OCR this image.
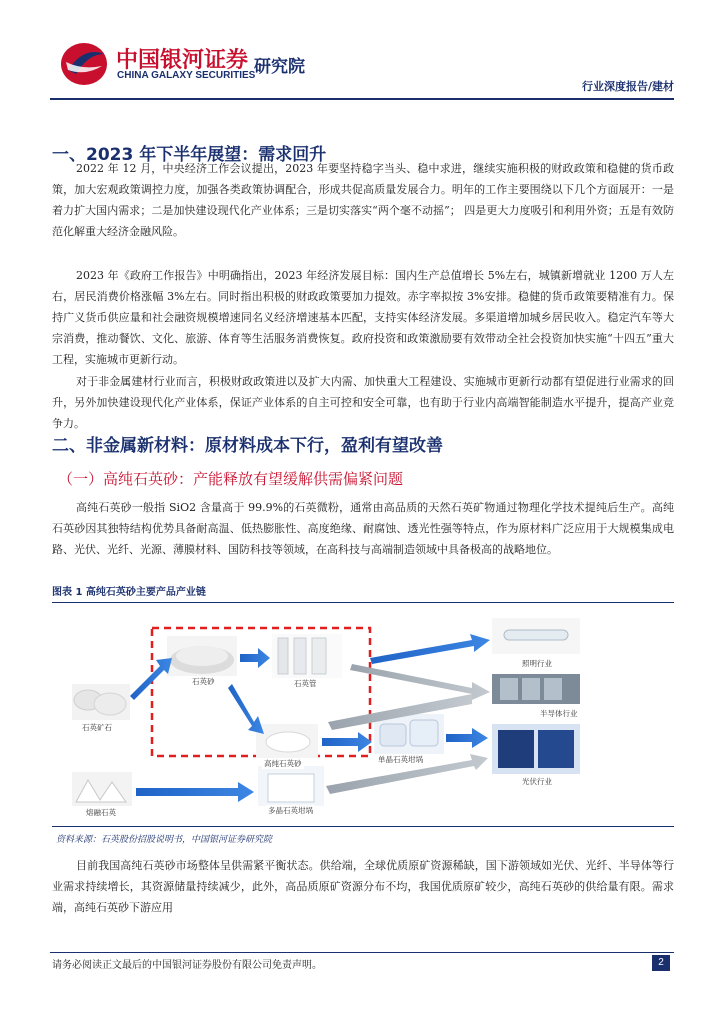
中国银河证券
CHINA GALAXY SECURITIES
研究院
行业深度报告/建材
一、2023 年下半年展望：需求回升
2022 年 12 月，中央经济工作会议提出，2023 年要坚持稳字当头、稳中求进，继续实施积极的财政政策和稳健的货币政策，加大宏观政策调控力度，加强各类政策协调配合，形成共促高质量发展合力。明年的工作主要围绕以下几个方面展开：一是着力扩大国内需求；二是加快建设现代化产业体系；三是切实落实“两个毫不动摇”； 四是更大力度吸引和利用外资；五是有效防范化解重大经济金融风险。
2023 年《政府工作报告》中明确指出，2023 年经济发展目标：国内生产总值增长 5%左右，城镇新增就业 1200 万人左右，居民消费价格涨幅 3%左右。同时指出积极的财政政策要加力提效。赤字率拟按 3%安排。稳健的货币政策要精准有力。保持广义货币供应量和社会融资规模增速同名义经济增速基本匹配，支持实体经济发展。多渠道增加城乡居民收入。稳定汽车等大宗消费，推动餐饮、文化、旅游、体育等生活服务消费恢复。政府投资和政策激励要有效带动全社会投资加快实施“十四五”重大工程，实施城市更新行动。
对于非金属建材行业而言，积极财政政策进以及扩大内需、加快重大工程建设、实施城市更新行动都有望促进行业需求的回升，另外加快建设现代化产业体系，保证产业体系的自主可控和安全可靠，也有助于行业内高端智能制造水平提升，提高产业竞争力。
二、非金属新材料：原材料成本下行，盈利有望改善
（一）高纯石英砂：产能释放有望缓解供需偏紧问题
高纯石英砂一般指 SiO2 含量高于 99.9%的石英微粉，通常由高品质的天然石英矿物通过物理化学技术提纯后生产。高纯石英砂因其独特结构优势具备耐高温、低热膨胀性、高度绝缘、耐腐蚀、透光性强等特点，作为原材料广泛应用于大规模集成电路、光伏、光纤、光源、薄膜材料、国防科技等领域，在高科技与高端制造领域中具备极高的战略地位。
图表 1 高纯石英砂主要产品产业链
石英矿石
石英砂	石英管
高纯石英砂	单晶石英坩埚
熔融石英	多晶石英坩埚
照明行业
半导体行业
光伏行业
资料来源：石英股份招股说明书，中国银河证券研究院
目前我国高纯石英砂市场整体呈供需紧平衡状态。供给端，全球优质原矿资源稀缺，国下游领域如光伏、光纤、半导体等行业需求持续增长，其资源储量持续减少，此外，高品质原矿资源分布不均，我国优质原矿较少，高纯石英砂的供给量有限。需求端，高纯石英砂下游应用
请务必阅读正文最后的中国银河证券股份有限公司免责声明。	2
